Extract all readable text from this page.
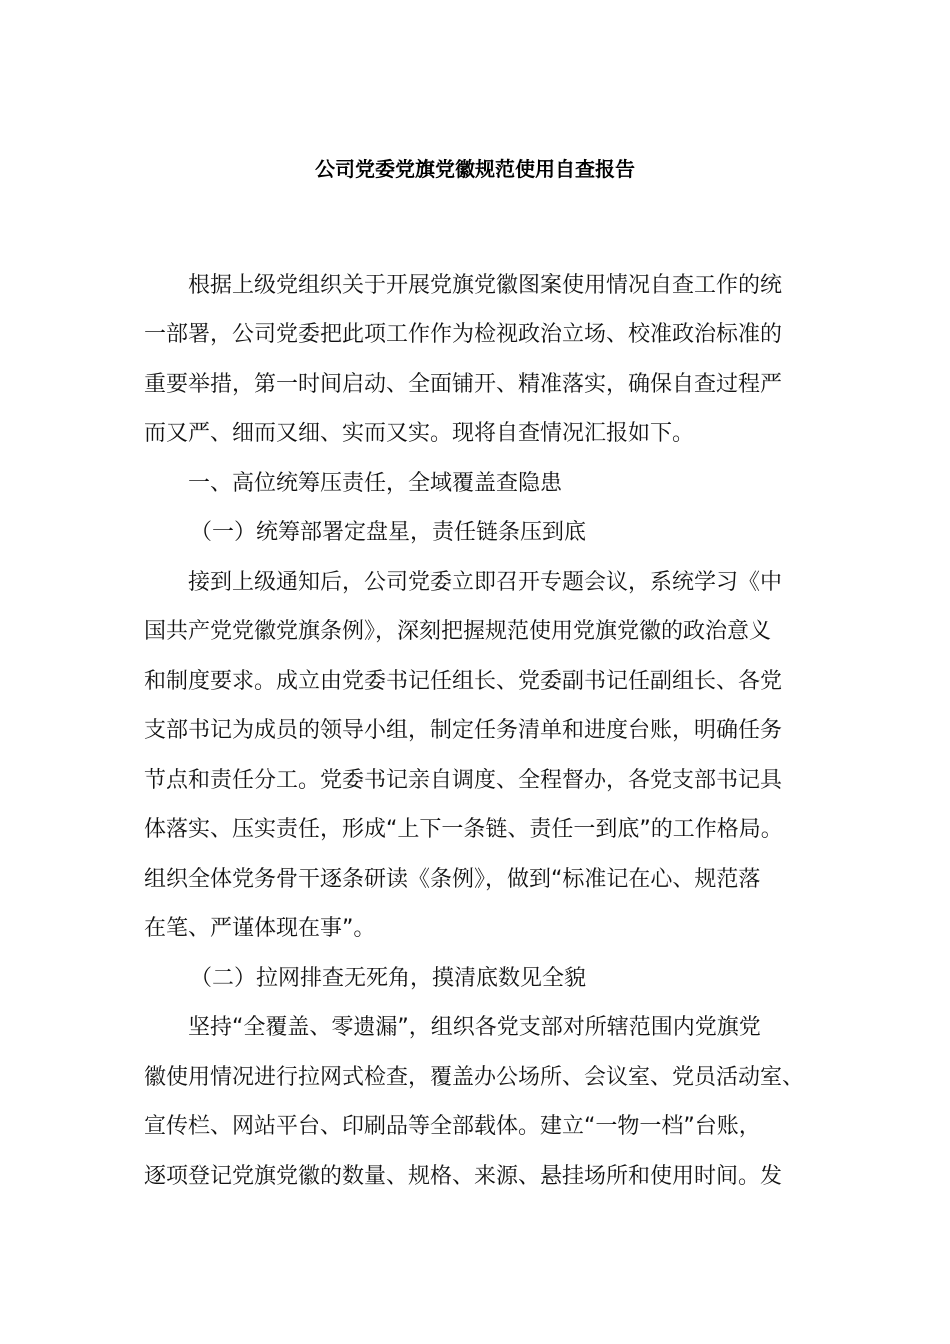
公司党委党旗党徽规范使用自查报告
根据上级党组织关于开展党旗党徽图案使用情况自查工作的统
一部署，公司党委把此项工作作为检视政治立场、校准政治标准的
重要举措，第一时间启动、全面铺开、精准落实，确保自查过程严
而又严、细而又细、实而又实。现将自查情况汇报如下。
一、高位统筹压责任，全域覆盖查隐患
（一）统筹部署定盘星，责任链条压到底
接到上级通知后，公司党委立即召开专题会议，系统学习《中
国共产党党徽党旗条例》，深刻把握规范使用党旗党徽的政治意义
和制度要求。成立由党委书记任组长、党委副书记任副组长、各党
支部书记为成员的领导小组，制定任务清单和进度台账，明确任务
节点和责任分工。党委书记亲自调度、全程督办，各党支部书记具
体落实、压实责任，形成“上下一条链、责任一到底”的工作格局。
组织全体党务骨干逐条研读《条例》，做到“标准记在心、规范落
在笔、严谨体现在事”。
（二）拉网排查无死角，摸清底数见全貌
坚持“全覆盖、零遗漏”，组织各党支部对所辖范围内党旗党
徽使用情况进行拉网式检查，覆盖办公场所、会议室、党员活动室、
宣传栏、网站平台、印刷品等全部载体。建立“一物一档”台账，
逐项登记党旗党徽的数量、规格、来源、悬挂场所和使用时间。发
